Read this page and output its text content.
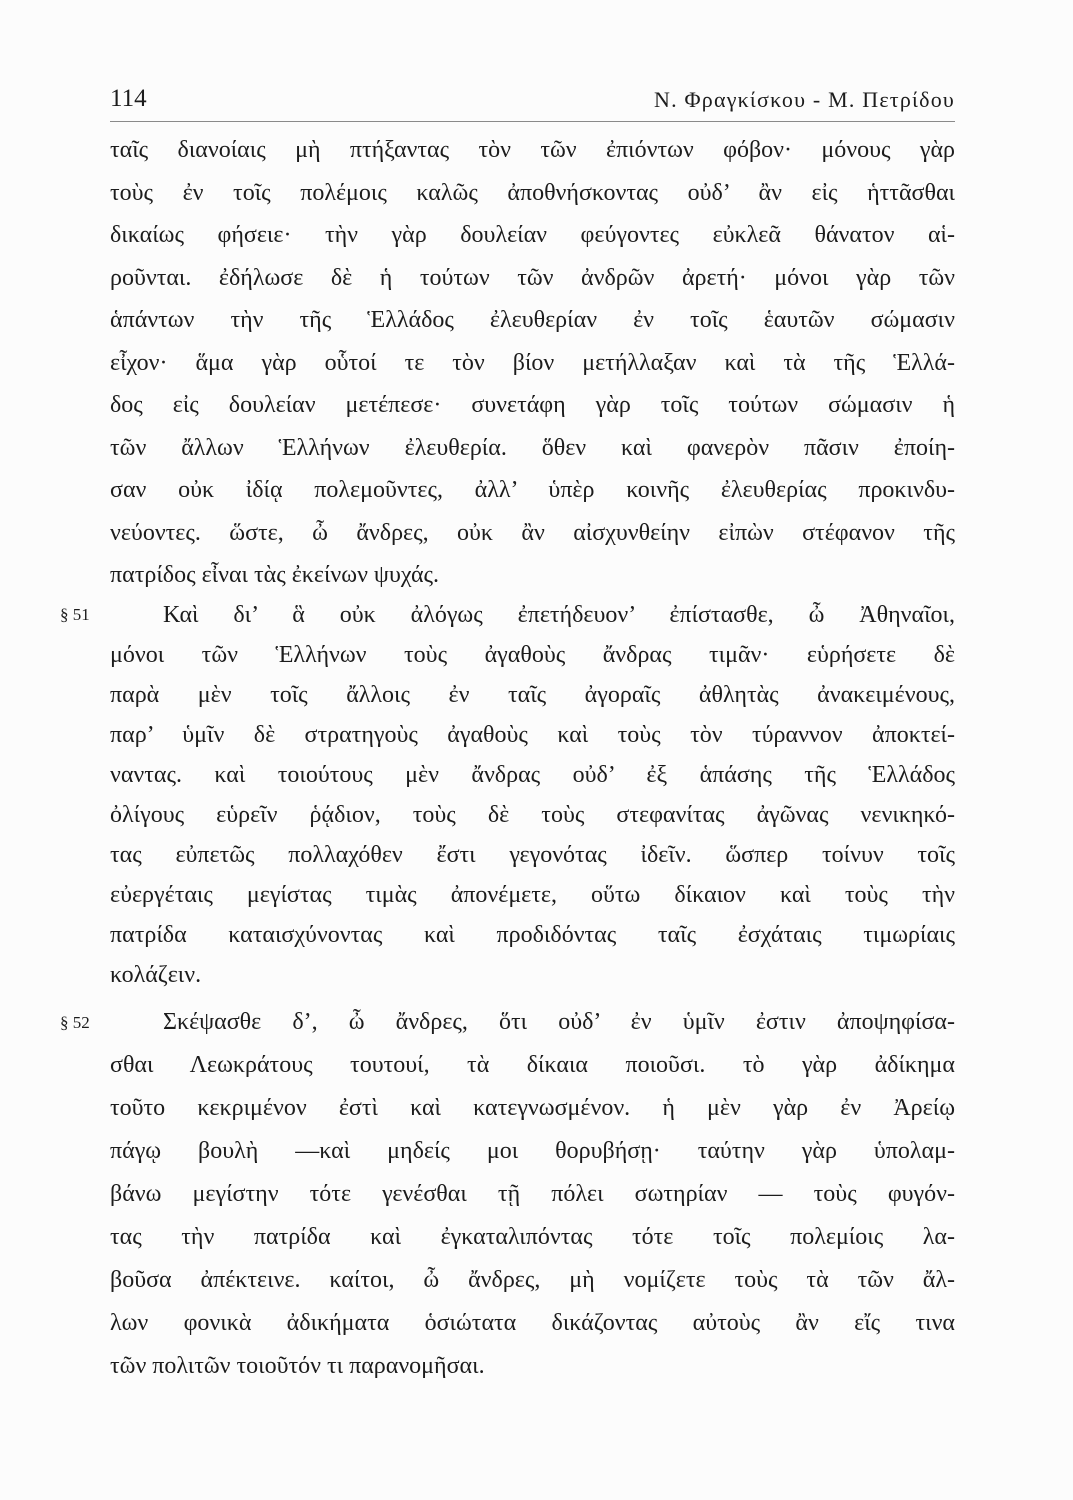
114	Ν. Φραγκίσκου - Μ. Πετρίδου
ταῖς διανοίαις μὴ πτήξαντας τὸν τῶν ἐπιόντων φόβον· μόνους γὰρ
τοὺς ἐν τοῖς πολέμοις καλῶς ἀποθνήσκοντας οὐδ’ ἂν εἰς ἡττᾶσθαι
δικαίως φήσειε· τὴν γὰρ δουλείαν φεύγοντες εὐκλεᾶ θάνατον αἱ-
ροῦνται. ἐδήλωσε δὲ ἡ τούτων τῶν ἀνδρῶν ἀρετή· μόνοι γὰρ τῶν
ἁπάντων τὴν τῆς Ἑλλάδος ἐλευθερίαν ἐν τοῖς ἑαυτῶν σώμασιν
εἶχον· ἅμα γὰρ οὗτοί τε τὸν βίον μετήλλαξαν καὶ τὰ τῆς Ἑλλά-
δος εἰς δουλείαν μετέπεσε· συνετάφη γὰρ τοῖς τούτων σώμασιν ἡ
τῶν ἄλλων Ἑλλήνων ἐλευθερία. ὅθεν καὶ φανερὸν πᾶσιν ἐποίη-
σαν οὐκ ἰδίᾳ πολεμοῦντες, ἀλλ’ ὑπὲρ κοινῆς ἐλευθερίας προκινδυ-
νεύοντες. ὥστε, ὦ ἄνδρες, οὐκ ἂν αἰσχυνθείην εἰπὼν στέφανον τῆς
πατρίδος εἶναι τὰς ἐκείνων ψυχάς.
§ 51	Καὶ δι’ ἃ οὐκ ἀλόγως ἐπετήδευον’ ἐπίστασθε, ὦ Ἀθηναῖοι,
μόνοι τῶν Ἑλλήνων τοὺς ἀγαθοὺς ἄνδρας τιμᾶν· εὑρήσετε δὲ
παρὰ μὲν τοῖς ἄλλοις ἐν ταῖς ἀγοραῖς ἀθλητὰς ἀνακειμένους,
παρ’ ὑμῖν δὲ στρατηγοὺς ἀγαθοὺς καὶ τοὺς τὸν τύραννον ἀποκτεί-
ναντας. καὶ τοιούτους μὲν ἄνδρας οὐδ’ ἐξ ἁπάσης τῆς Ἑλλάδος
ὀλίγους εὑρεῖν ῥᾴδιον, τοὺς δὲ τοὺς στεφανίτας ἀγῶνας νενικηκό-
τας εὐπετῶς πολλαχόθεν ἔστι γεγονότας ἰδεῖν. ὥσπερ τοίνυν τοῖς
εὐεργέταις μεγίστας τιμὰς ἀπονέμετε, οὕτω δίκαιον καὶ τοὺς τὴν
πατρίδα καταισχύνοντας καὶ προδιδόντας ταῖς ἐσχάταις τιμωρίαις
κολάζειν.
§ 52	Σκέψασθε δ’, ὦ ἄνδρες, ὅτι οὐδ’ ἐν ὑμῖν ἐστιν ἀποψηφίσα-
σθαι Λεωκράτους τουτουί, τὰ δίκαια ποιοῦσι. τὸ γὰρ ἀδίκημα
τοῦτο κεκριμένον ἐστὶ καὶ κατεγνωσμένον. ἡ μὲν γὰρ ἐν Ἀρείῳ
πάγῳ βουλὴ —καὶ μηδείς μοι θορυβήσῃ· ταύτην γὰρ ὑπολαμ-
βάνω μεγίστην τότε γενέσθαι τῇ πόλει σωτηρίαν — τοὺς φυγόν-
τας τὴν πατρίδα καὶ ἐγκαταλιπόντας τότε τοῖς πολεμίοις λα-
βοῦσα ἀπέκτεινε. καίτοι, ὦ ἄνδρες, μὴ νομίζετε τοὺς τὰ τῶν ἄλ-
λων φονικὰ ἀδικήματα ὁσιώτατα δικάζοντας αὐτοὺς ἂν εἴς τινα
τῶν πολιτῶν τοιοῦτόν τι παρανομῆσαι.
